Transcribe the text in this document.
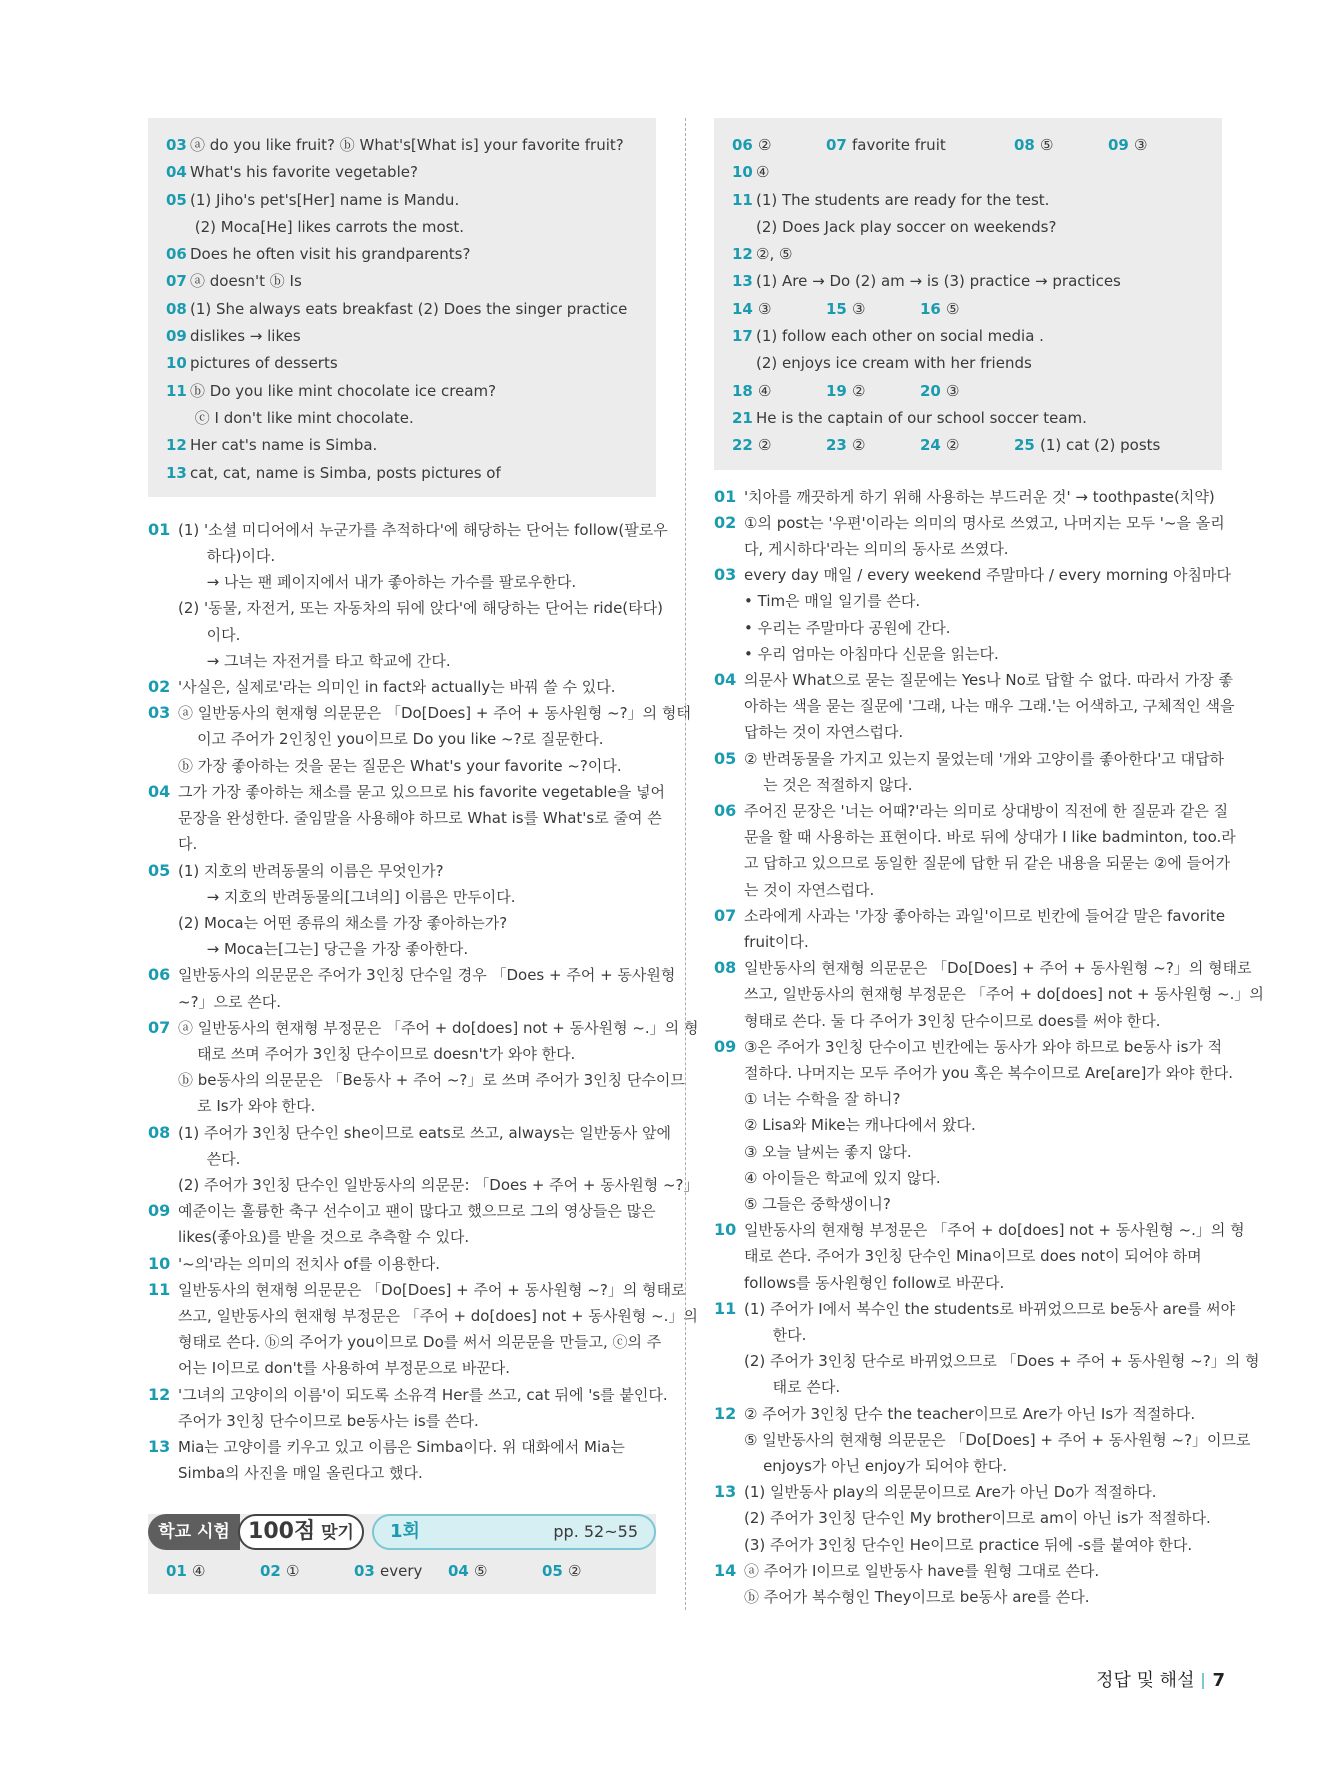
03 ⓐ do you like fruit? ⓑ What's[What is] your favorite fruit?
04 What's his favorite vegetable?
05 (1) Jiho's pet's[Her] name is Mandu.
(2) Moca[He] likes carrots the most.
06 Does he often visit his grandparents?
07 ⓐ doesn't ⓑ Is
08 (1) She always eats breakfast (2) Does the singer practice
09 dislikes → likes
10 pictures of desserts
11 ⓑ Do you like mint chocolate ice cream?
ⓒ I don't like mint chocolate.
12 Her cat's name is Simba.
13 cat, cat, name is Simba, posts pictures of
01 (1) '소셜 미디어에서 누군가를 추적하다'에 해당하는 단어는 follow(팔로우
하다)이다.
→ 나는 팬 페이지에서 내가 좋아하는 가수를 팔로우한다.
(2) '동물, 자전거, 또는 자동차의 뒤에 앉다'에 해당하는 단어는 ride(타다)
이다.
→ 그녀는 자전거를 타고 학교에 간다.
02 '사실은, 실제로'라는 의미인 in fact와 actually는 바꿔 쓸 수 있다.
03 ⓐ 일반동사의 현재형 의문문은 「Do[Does] + 주어 + 동사원형 ~?」의 형태
이고 주어가 2인칭인 you이므로 Do you like ~?로 질문한다.
ⓑ 가장 좋아하는 것을 묻는 질문은 What's your favorite ~?이다.
04 그가 가장 좋아하는 채소를 묻고 있으므로 his favorite vegetable을 넣어
문장을 완성한다. 줄임말을 사용해야 하므로 What is를 What's로 줄여 쓴
다.
05 (1) 지호의 반려동물의 이름은 무엇인가?
→ 지호의 반려동물의[그녀의] 이름은 만두이다.
(2) Moca는 어떤 종류의 채소를 가장 좋아하는가?
→ Moca는[그는] 당근을 가장 좋아한다.
06 일반동사의 의문문은 주어가 3인칭 단수일 경우 「Does + 주어 + 동사원형
~?」으로 쓴다.
07 ⓐ 일반동사의 현재형 부정문은 「주어 + do[does] not + 동사원형 ~.」의 형
태로 쓰며 주어가 3인칭 단수이므로 doesn't가 와야 한다.
ⓑ be동사의 의문문은 「Be동사 + 주어 ~?」로 쓰며 주어가 3인칭 단수이므
로 Is가 와야 한다.
08 (1) 주어가 3인칭 단수인 she이므로 eats로 쓰고, always는 일반동사 앞에
쓴다.
(2) 주어가 3인칭 단수인 일반동사의 의문문: 「Does + 주어 + 동사원형 ~?」
09 예준이는 훌륭한 축구 선수이고 팬이 많다고 했으므로 그의 영상들은 많은
likes(좋아요)를 받을 것으로 추측할 수 있다.
10 '~의'라는 의미의 전치사 of를 이용한다.
11 일반동사의 현재형 의문문은 「Do[Does] + 주어 + 동사원형 ~?」의 형태로
쓰고, 일반동사의 현재형 부정문은 「주어 + do[does] not + 동사원형 ~.」의
형태로 쓴다. ⓑ의 주어가 you이므로 Do를 써서 의문문을 만들고, ⓒ의 주
어는 I이므로 don't를 사용하여 부정문으로 바꾼다.
12 '그녀의 고양이의 이름'이 되도록 소유격 Her를 쓰고, cat 뒤에 's를 붙인다.
주어가 3인칭 단수이므로 be동사는 is를 쓴다.
13 Mia는 고양이를 키우고 있고 이름은 Simba이다. 위 대화에서 Mia는
Simba의 사진을 매일 올린다고 했다.
학교 시험 100점 맞기	1회	pp. 52~55
01 ④	02 ①	03 every 04 ⑤	05 ②
06 ②	07 favorite fruit	08 ⑤	09 ③
10 ④
11 (1) The students are ready for the test.
(2) Does Jack play soccer on weekends?
12 ②, ⑤
13 (1) Are → Do (2) am → is (3) practice → practices
14 ③	15 ③	16 ⑤
17 (1) follow each other on social media .
(2) enjoys ice cream with her friends
18 ④	19 ②	20 ③
21 He is the captain of our school soccer team.
22 ②	23 ②	24 ②	25 (1) cat (2) posts
01 '치아를 깨끗하게 하기 위해 사용하는 부드러운 것' → toothpaste(치약)
02 ①의 post는 '우편'이라는 의미의 명사로 쓰였고, 나머지는 모두 '~을 올리
다, 게시하다'라는 의미의 동사로 쓰였다.
03 every day 매일 / every weekend 주말마다 / every morning 아침마다
• Tim은 매일 일기를 쓴다.
• 우리는 주말마다 공원에 간다.
• 우리 엄마는 아침마다 신문을 읽는다.
04 의문사 What으로 묻는 질문에는 Yes나 No로 답할 수 없다. 따라서 가장 좋
아하는 색을 묻는 질문에 '그래, 나는 매우 그래.'는 어색하고, 구체적인 색을
답하는 것이 자연스럽다.
05 ② 반려동물을 가지고 있는지 물었는데 '개와 고양이를 좋아한다'고 대답하
는 것은 적절하지 않다.
06 주어진 문장은 '너는 어때?'라는 의미로 상대방이 직전에 한 질문과 같은 질
문을 할 때 사용하는 표현이다. 바로 뒤에 상대가 I like badminton, too.라
고 답하고 있으므로 동일한 질문에 답한 뒤 같은 내용을 되묻는 ②에 들어가
는 것이 자연스럽다.
07 소라에게 사과는 '가장 좋아하는 과일'이므로 빈칸에 들어갈 말은 favorite
fruit이다.
08 일반동사의 현재형 의문문은 「Do[Does] + 주어 + 동사원형 ~?」의 형태로
쓰고, 일반동사의 현재형 부정문은 「주어 + do[does] not + 동사원형 ~.」의
형태로 쓴다. 둘 다 주어가 3인칭 단수이므로 does를 써야 한다.
09 ③은 주어가 3인칭 단수이고 빈칸에는 동사가 와야 하므로 be동사 is가 적
절하다. 나머지는 모두 주어가 you 혹은 복수이므로 Are[are]가 와야 한다.
① 너는 수학을 잘 하니?
② Lisa와 Mike는 캐나다에서 왔다.
③ 오늘 날씨는 좋지 않다.
④ 아이들은 학교에 있지 않다.
⑤ 그들은 중학생이니?
10 일반동사의 현재형 부정문은 「주어 + do[does] not + 동사원형 ~.」의 형
태로 쓴다. 주어가 3인칭 단수인 Mina이므로 does not이 되어야 하며
follows를 동사원형인 follow로 바꾼다.
11 (1) 주어가 I에서 복수인 the students로 바뀌었으므로 be동사 are를 써야
한다.
(2) 주어가 3인칭 단수로 바뀌었으므로 「Does + 주어 + 동사원형 ~?」의 형
태로 쓴다.
12 ② 주어가 3인칭 단수 the teacher이므로 Are가 아닌 Is가 적절하다.
⑤ 일반동사의 현재형 의문문은 「Do[Does] + 주어 + 동사원형 ~?」이므로
enjoys가 아닌 enjoy가 되어야 한다.
13 (1) 일반동사 play의 의문문이므로 Are가 아닌 Do가 적절하다.
(2) 주어가 3인칭 단수인 My brother이므로 am이 아닌 is가 적절하다.
(3) 주어가 3인칭 단수인 He이므로 practice 뒤에 -s를 붙여야 한다.
14 ⓐ 주어가 I이므로 일반동사 have를 원형 그대로 쓴다.
ⓑ 주어가 복수형인 They이므로 be동사 are를 쓴다.
정답 및 해설 7
